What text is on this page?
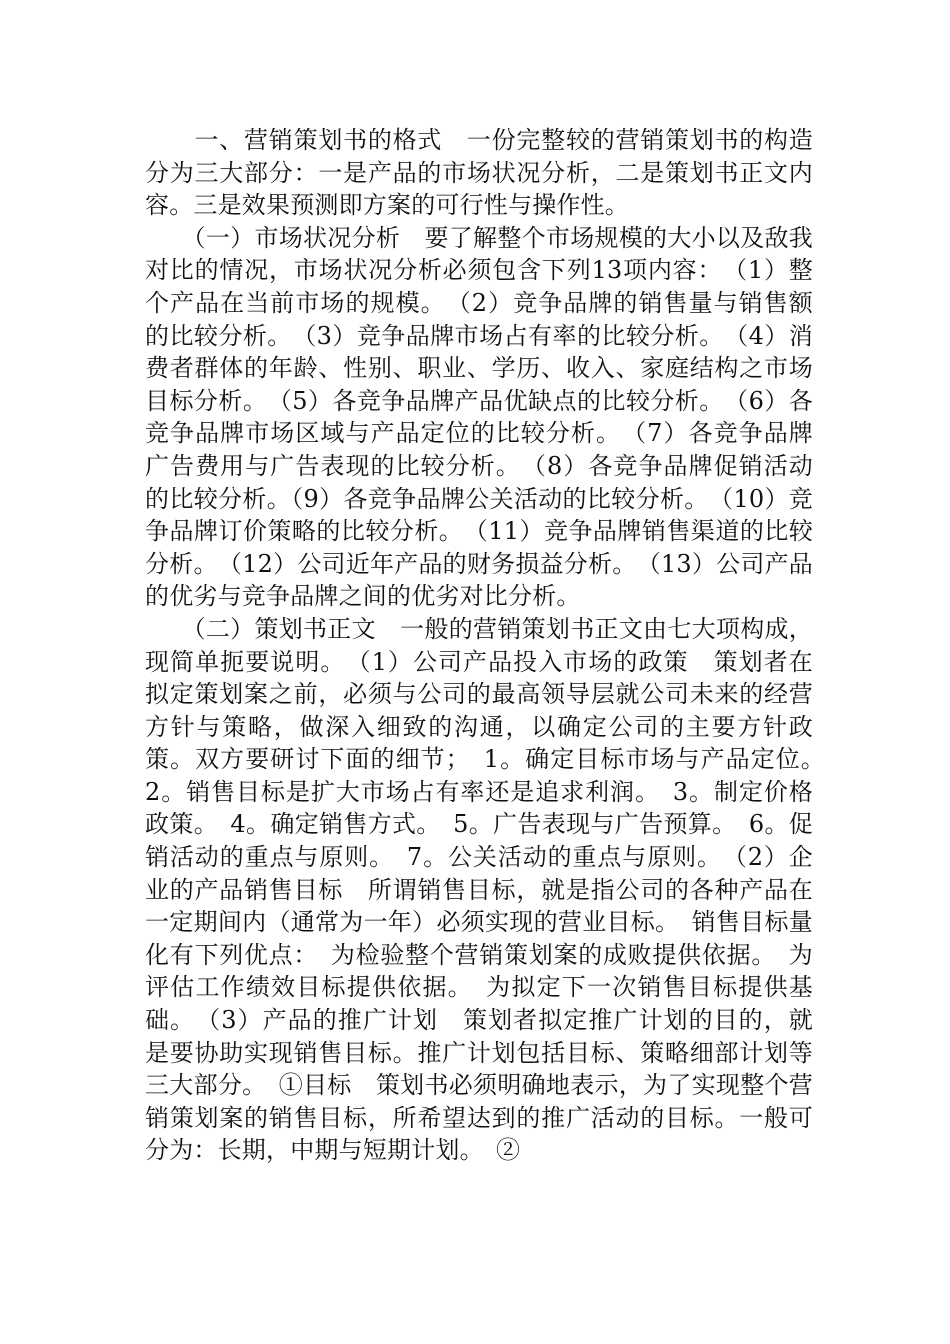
　　一、营销策划书的格式　一份完整较的营销策划书的构造分为三大部分：一是产品的市场状况分析，二是策划书正文内容。三是效果预测即方案的可行性与操作性。

　　（一）市场状况分析　要了解整个市场规模的大小以及敌我对比的情况，市场状况分析必须包含下列13项内容：　（1）整个产品在当前市场的规模。　（2）竞争品牌的销售量与销售额的比较分析。　（3）竞争品牌市场占有率的比较分析。　（4）消费者群体的年龄、性别、职业、学历、收入、家庭结构之市场目标分析。　（5）各竞争品牌产品优缺点的比较分析。　（6）各竞争品牌市场区域与产品定位的比较分析。　（7）各竞争品牌广告费用与广告表现的比较分析。　（8）各竞争品牌促销活动的比较分析。（9）各竞争品牌公关活动的比较分析。　（10）竞争品牌订价策略的比较分析。　（11）竞争品牌销售渠道的比较分析。　（12）公司近年产品的财务损益分析。　（13）公司产品的优劣与竞争品牌之间的优劣对比分析。

　　（二）策划书正文　一般的营销策划书正文由七大项构成，现简单扼要说明。　（1）公司产品投入市场的政策　策划者在拟定策划案之前，必须与公司的最高领导层就公司未来的经营方针与策略，做深入细致的沟通，以确定公司的主要方针政策。双方要研讨下面的细节；　1。确定目标市场与产品定位。　2。销售目标是扩大市场占有率还是追求利润。　3。制定价格政策。　4。确定销售方式。　5。广告表现与广告预算。　6。促销活动的重点与原则。　7。公关活动的重点与原则。　（2）企业的产品销售目标　所谓销售目标，就是指公司的各种产品在一定期间内（通常为一年）必须实现的营业目标。　销售目标量化有下列优点：　为检验整个营销策划案的成败提供依据。　为评估工作绩效目标提供依据。　为拟定下一次销售目标提供基础。　（3）产品的推广计划　策划者拟定推广计划的目的，就是要协助实现销售目标。推广计划包括目标、策略细部计划等三大部分。　①目标　策划书必须明确地表示，为了实现整个营销策划案的销售目标，所希望达到的推广活动的目标。一般可分为：长期，中期与短期计划。　②
